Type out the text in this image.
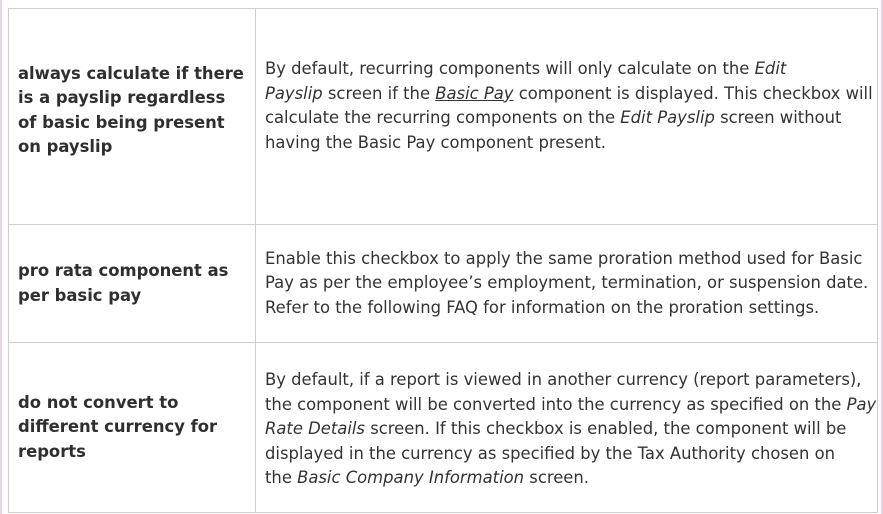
always calculate if there is a payslip regardless of basic being present on payslip	By default, recurring components will only calculate on the Edit
Payslip screen if the Basic Pay component is displayed. This checkbox will
calculate the recurring components on the Edit Payslip screen without
having the Basic Pay component present.

pro rata component as per basic pay	Enable this checkbox to apply the same proration method used for Basic
Pay as per the employee’s employment, termination, or suspension date.
Refer to the following FAQ for information on the proration settings.

do not convert to different currency for reports	By default, if a report is viewed in another currency (report parameters),
the component will be converted into the currency as specified on the Pay
Rate Details screen. If this checkbox is enabled, the component will be
displayed in the currency as specified by the Tax Authority chosen on
the Basic Company Information screen.
